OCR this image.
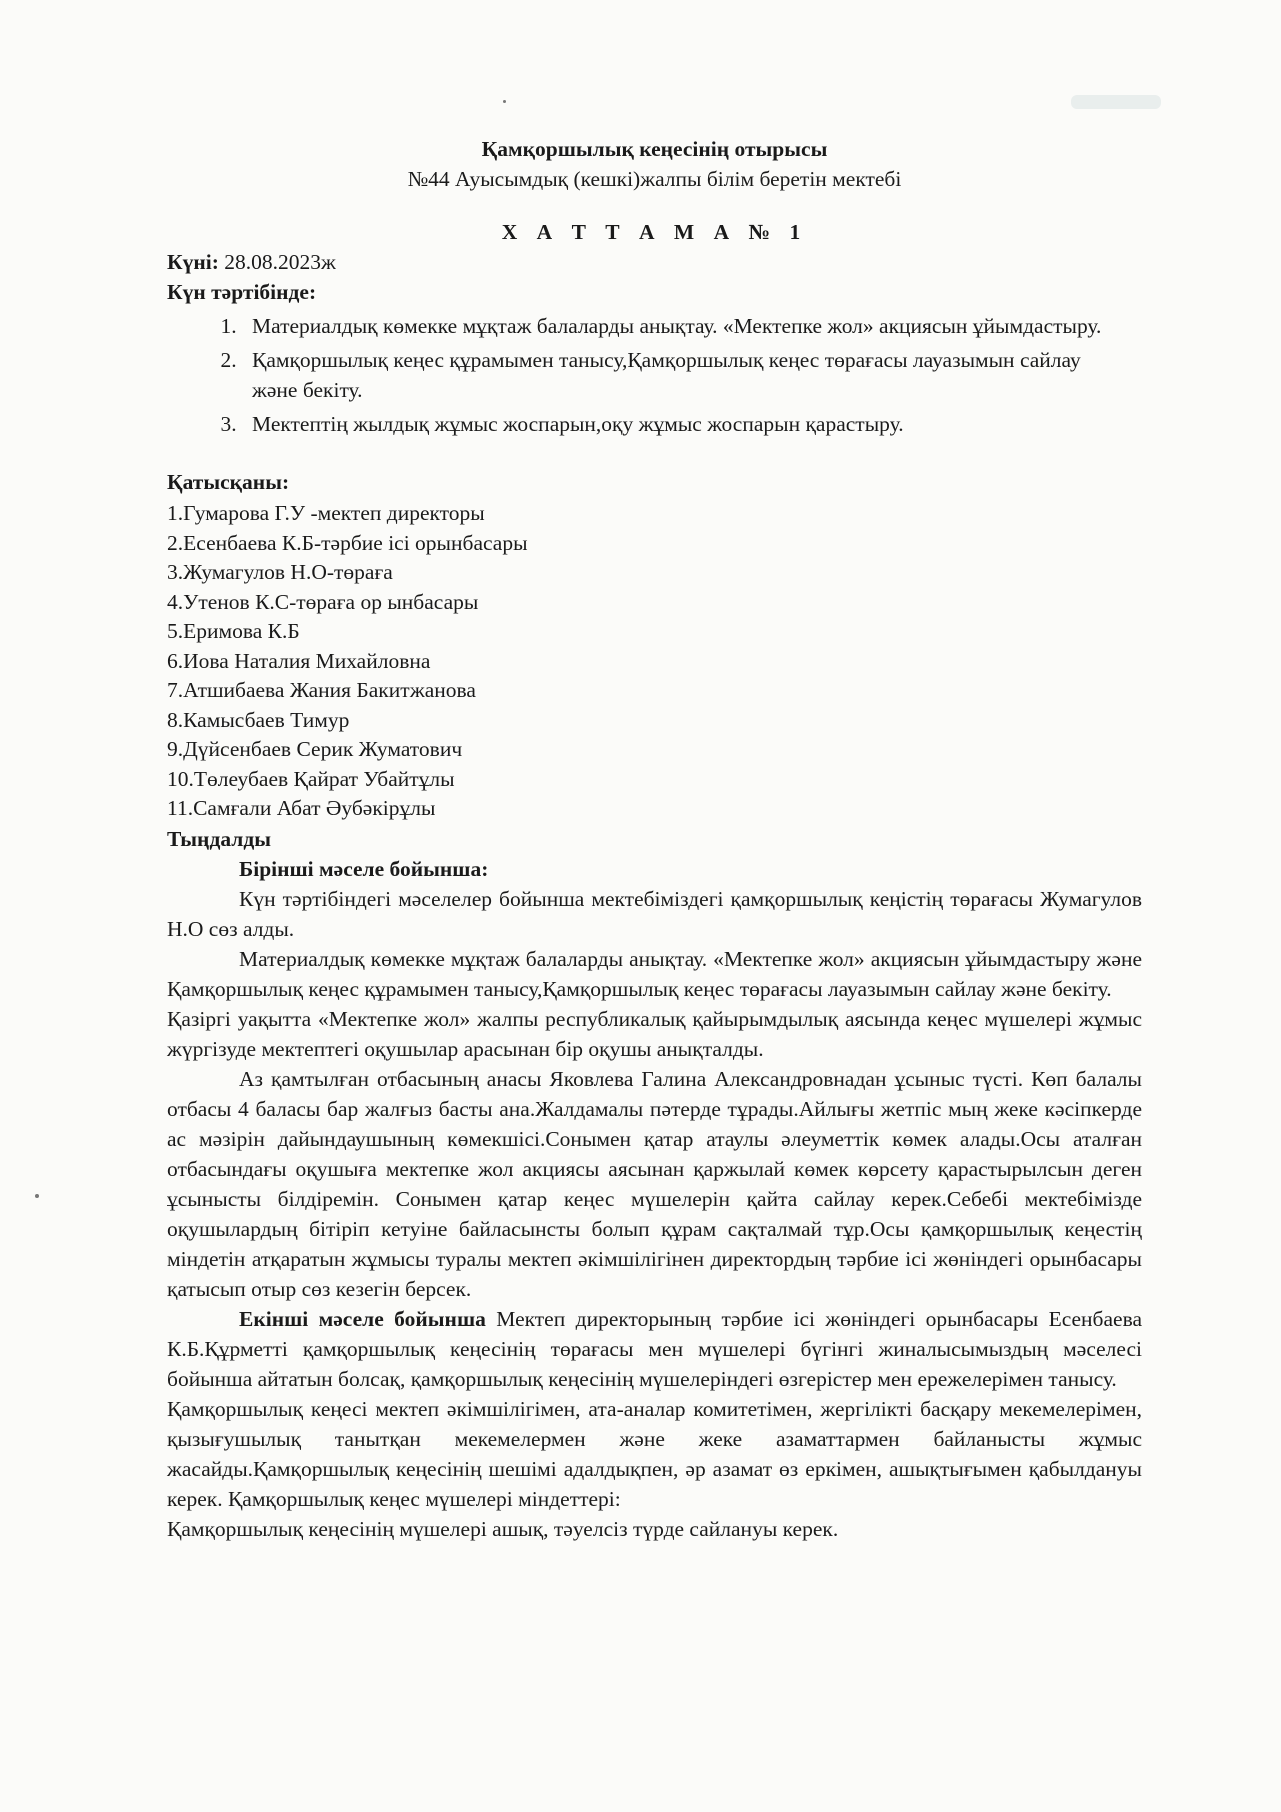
Қамқоршылық кеңесінің отырысы

№44 Ауысымдық (кешкі)жалпы білім беретін мектебі

Х А Т Т А М А № 1

Күні: 28.08.2023ж

Күн тәртібінде:

1. Материалдық көмекке мұқтаж балаларды анықтау. «Мектепке жол» акциясын ұйымдастыру.
2. Қамқоршылық кеңес құрамымен танысу,Қамқоршылық кеңес төрағасы лауазымын сайлау және бекіту.
3. Мектептің жылдық жұмыс жоспарын,оқу жұмыс жоспарын қарастыру.

Қатысқаны:

1.Гумарова Г.У -мектеп директоры
2.Есенбаева К.Б-тәрбие ісі орынбасары
3.Жумагулов Н.О-төраға
4.Утенов К.С-төраға ор ынбасары
5.Еримова К.Б
6.Иова Наталия Михайловна
7.Атшибаева Жания Бакитжанова
8.Камысбаев Тимур
9.Дүйсенбаев Серик Жуматович
10.Төлеубаев Қайрат Убайтұлы
11.Самғали Абат Әубәкірұлы

Тыңдалды

Бірінші мәселе бойынша:

Күн тәртібіндегі мәселелер бойынша мектебіміздегі қамқоршылық кеңістің төрағасы Жумагулов Н.О сөз алды.

Материалдық көмекке мұқтаж балаларды анықтау. «Мектепке жол» акциясын ұйымдастыру және Қамқоршылық кеңес құрамымен танысу,Қамқоршылық кеңес төрағасы лауазымын сайлау және бекіту.

Қазіргі уақытта «Мектепке жол» жалпы республикалық қайырымдылық аясында кеңес мүшелері жұмыс жүргізуде мектептегі оқушылар арасынан бір оқушы анықталды.

Аз қамтылған отбасының анасы Яковлева Галина Александровнадан ұсыныс түсті. Көп балалы отбасы 4 баласы бар жалғыз басты ана.Жалдамалы пәтерде тұрады.Айлығы жетпіс мың жеке кәсіпкерде ас мәзірін дайындаушының көмекшісі.Сонымен қатар атаулы әлеуметтік көмек алады.Осы аталған отбасындағы оқушыға мектепке жол акциясы аясынан қаржылай көмек көрсету қарастырылсын деген ұсынысты білдіремін. Сонымен қатар кеңес мүшелерін қайта сайлау керек.Себебі мектебімізде оқушылардың бітіріп кетуіне байласынсты болып құрам сақталмай тұр.Осы қамқоршылық кеңестің міндетін атқаратын жұмысы туралы мектеп әкімшілігінен директордың тәрбие ісі жөніндегі орынбасары қатысып отыр сөз кезегін берсек.

Екінші мәселе бойынша Мектеп директорының тәрбие ісі жөніндегі орынбасары Есенбаева К.Б.Құрметті қамқоршылық кеңесінің төрағасы мен мүшелері бүгінгі жиналысымыздың мәселесі бойынша айтатын болсақ, қамқоршылық кеңесінің мүшелеріндегі өзгерістер мен ережелерімен танысу.

Қамқоршылық кеңесі мектеп әкімшілігімен, ата-аналар комитетімен, жергілікті басқару мекемелерімен, қызығушылық танытқан мекемелермен және жеке азаматтармен байланысты жұмыс жасайды.Қамқоршылық кеңесінің шешімі адалдықпен, әр азамат өз еркімен, ашықтығымен қабылдануы керек. Қамқоршылық кеңес мүшелері міндеттері:

Қамқоршылық кеңесінің мүшелері ашық, тәуелсіз түрде сайлануы керек.
